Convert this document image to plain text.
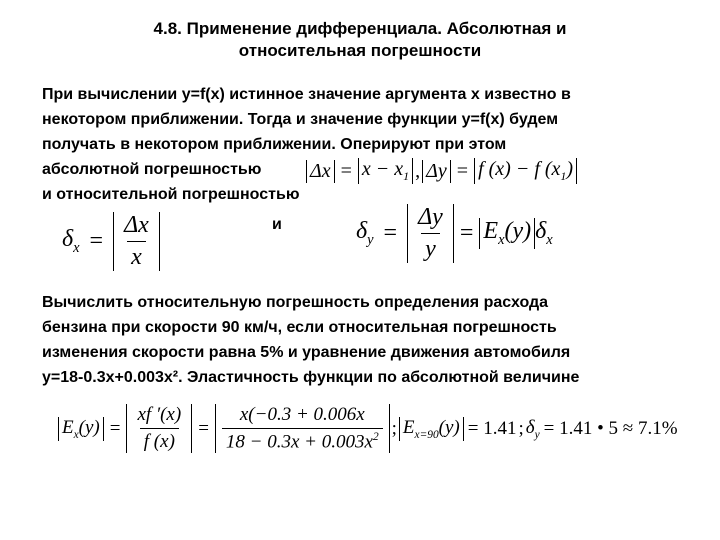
4.8. Применение дифференциала. Абсолютная и
относительная погрешности
При вычислении y=f(x) истинное значение аргумента x известно в
некотором приближении. Тогда и значение функции y=f(x) будем
получать в некотором приближении. Оперируют при этом
абсолютной погрешностью
и относительной погрешностью
$\Delta x = x - x_1$ , Δy = f (x) − f $(x_1)$
$\delta_x = \frac{\Delta x}{x}$	и	$\delta_y = \frac{\Delta y}{y} = E_x(y)$ $\delta_x$
Вычислить относительную погрешность определения расхода
бензина при скорости 90 км/ч, если относительная погрешность
изменения скорости равна 5% и уравнение движения автомобиля
y=18-0.3x+0.003x². Эластичность функции по абсолютной величине
$E_x(y) = \frac{xf '(x)}{f (x)} = \frac{x(-0.3 + 0.006x}{18 - 0.3x + 0.003x^2}$ ; $E_{x=90}(y) = 1.41$ ; $\delta_y = 1.41$ • 5 ≈ 7.1%
